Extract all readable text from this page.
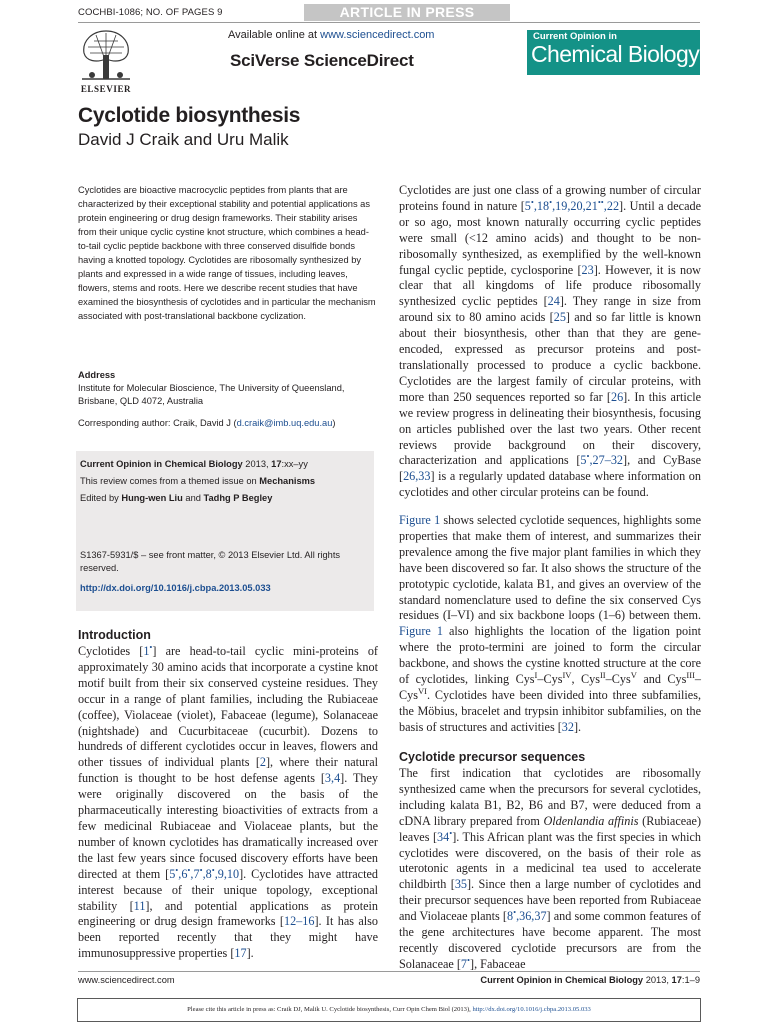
COCHBI-1086; NO. OF PAGES 9	ARTICLE IN PRESS
ELSEVIER
Available online at www.sciencedirect.com
SciVerse ScienceDirect
Current Opinion in
Chemical Biology
Cyclotide biosynthesis
David J Craik and Uru Malik
Cyclotides are bioactive macrocyclic peptides from plants that are characterized by their exceptional stability and potential applications as protein engineering or drug design frameworks. Their stability arises from their unique cyclic cystine knot structure, which combines a head-to-tail cyclic peptide backbone with three conserved disulfide bonds having a knotted topology. Cyclotides are ribosomally synthesized by plants and expressed in a wide range of tissues, including leaves, flowers, stems and roots. Here we describe recent studies that have examined the biosynthesis of cyclotides and in particular the mechanism associated with post-translational backbone cyclization.
Address
Institute for Molecular Bioscience, The University of Queensland, Brisbane, QLD 4072, Australia
Corresponding author: Craik, David J (d.craik@imb.uq.edu.au)
Current Opinion in Chemical Biology 2013, 17:xx–yy
This review comes from a themed issue on Mechanisms
Edited by Hung-wen Liu and Tadhg P Begley
S1367-5931/$ – see front matter, © 2013 Elsevier Ltd. All rights reserved.
http://dx.doi.org/10.1016/j.cbpa.2013.05.033
Introduction
Cyclotides [1•] are head-to-tail cyclic mini-proteins of approximately 30 amino acids that incorporate a cystine knot motif built from their six conserved cysteine residues. They occur in a range of plant families, including the Rubiaceae (coffee), Violaceae (violet), Fabaceae (legume), Solanaceae (nightshade) and Cucurbitaceae (cucurbit). Dozens to hundreds of different cyclotides occur in leaves, flowers and other tissues of individual plants [2], where their natural function is thought to be host defense agents [3,4]. They were originally discovered on the basis of the pharmaceutically interesting bioactivities of extracts from a few medicinal Rubiaceae and Violaceae plants, but the number of known cyclotides has dramatically increased over the last few years since focused discovery efforts have been directed at them [5•,6•,7•,8•,9,10]. Cyclotides have attracted interest because of their unique topology, exceptional stability [11], and potential applications as protein engineering or drug design frameworks [12–16]. It has also been reported recently that they might have immunosuppressive properties [17].
Cyclotides are just one class of a growing number of circular proteins found in nature [5•,18•,19,20,21••,22]. Until a decade or so ago, most known naturally occurring cyclic peptides were small (<12 amino acids) and thought to be non-ribosomally synthesized, as exemplified by the well-known fungal cyclic peptide, cyclosporine [23]. However, it is now clear that all kingdoms of life produce ribosomally synthesized cyclic peptides [24]. They range in size from around six to 80 amino acids [25] and so far little is known about their biosynthesis, other than that they are gene-encoded, expressed as precursor proteins and post-translationally processed to produce a cyclic backbone. Cyclotides are the largest family of circular proteins, with more than 250 sequences reported so far [26]. In this article we review progress in delineating their biosynthesis, focusing on articles published over the last two years. Other recent reviews provide background on their discovery, characterization and applications [5•,27–32], and CyBase [26,33] is a regularly updated database where information on cyclotides and other circular proteins can be found.
Figure 1 shows selected cyclotide sequences, highlights some properties that make them of interest, and summarizes their prevalence among the five major plant families in which they have been discovered so far. It also shows the structure of the prototypic cyclotide, kalata B1, and gives an overview of the standard nomenclature used to define the six conserved Cys residues (I–VI) and six backbone loops (1–6) between them. Figure 1 also highlights the location of the ligation point where the proto-termini are joined to form the circular backbone, and shows the cystine knotted structure at the core of cyclotides, linking Cys$^I$–Cys$^{IV}$, Cys$^{II}$–Cys$^V$ and Cys$^{III}$–Cys$^{VI}$. Cyclotides have been divided into three subfamilies, the Möbius, bracelet and trypsin inhibitor subfamilies, on the basis of structures and activities [32].
Cyclotide precursor sequences
The first indication that cyclotides are ribosomally synthesized came when the precursors for several cyclotides, including kalata B1, B2, B6 and B7, were deduced from a cDNA library prepared from Oldenlandia affinis (Rubiaceae) leaves [34•]. This African plant was the first species in which cyclotides were discovered, on the basis of their role as uterotonic agents in a medicinal tea used to accelerate childbirth [35]. Since then a large number of cyclotides and their precursor sequences have been reported from Rubiaceae and Violaceae plants [8•,36,37] and some common features of the gene architectures have become apparent. The most recently discovered cyclotide precursors are from the Solanaceae [7•], Fabaceae
www.sciencedirect.com	Current Opinion in Chemical Biology 2013, 17:1–9
Please cite this article in press as: Craik DJ, Malik U. Cyclotide biosynthesis, Curr Opin Chem Biol (2013), http://dx.doi.org/10.1016/j.cbpa.2013.05.033
